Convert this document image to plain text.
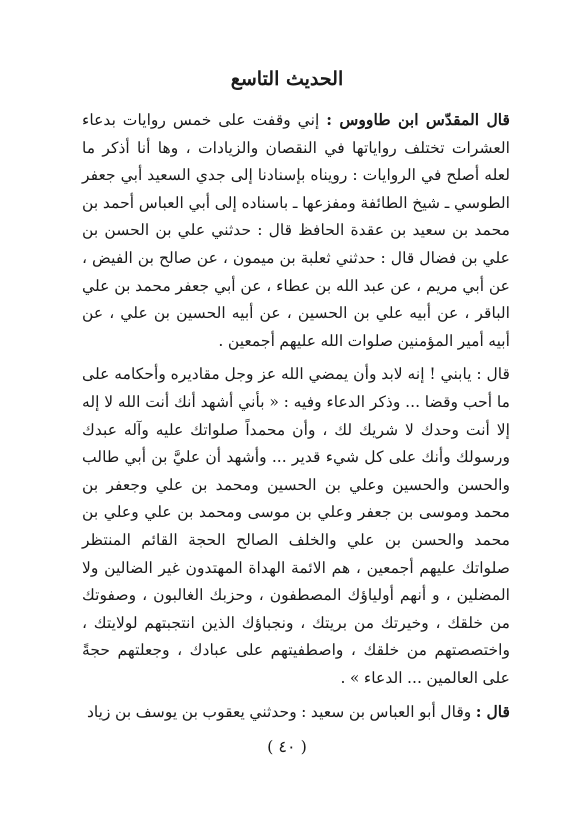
الحديث التاسع

قال المقدّس ابن طاووس : إني وقفت على خمس روايات بدعاء العشرات تختلف رواياتها في النقصان والزيادات ، وها أنا أذكر ما لعله أصلح في الروايات : رويناه بإسنادنا إلى جدي السعيد أبي جعفر الطوسي ـ شيخ الطائفة ومفزعها ـ باسناده إلى أبي العباس أحمد بن محمد بن سعيد بن عقدة الحافظ قال : حدثني علي بن الحسن بن علي بن فضال قال : حدثني ثعلبة بن ميمون ، عن صالح بن الفيض ، عن أبي مريم ، عن عبد الله بن عطاء ، عن أبي جعفر محمد بن علي الباقر ، عن أبيه علي بن الحسين ، عن أبيه الحسين بن علي ، عن أبيه أمير المؤمنين صلوات الله عليهم أجمعين .

قال : يابني ! إنه لابد وأن يمضي الله عز وجل مقاديره وأحكامه على ما أحب وقضا ... وذكر الدعاء وفيه : « بأني أشهد أنك أنت الله لا إله إلا أنت وحدك لا شريك لك ، وأن محمداً صلواتك عليه وآله عبدك ورسولك وأنك على كل شيء قدير ... وأشهد أن عليَّ بن أبي طالب والحسن والحسين وعلي بن الحسين ومحمد بن علي وجعفر بن محمد وموسى بن جعفر وعلي بن موسى ومحمد بن علي وعلي بن محمد والحسن بن علي والخلف الصالح الحجة القائم المنتظر صلواتك عليهم أجمعين ، هم الائمة الهداة المهتدون غير الضالين ولا المضلين ، و أنهم أولياؤك المصطفون ، وحزبك الغالبون ، وصفوتك من خلقك ، وخيرتك من بريتك ، ونجباؤك الذين انتجبتهم لولايتك ، واختصصتهم من خلقك ، واصطفيتهم على عبادك ، وجعلتهم حجةً على العالمين ... الدعاء » .

قال : وقال أبو العباس بن سعيد : وحدثني يعقوب بن يوسف بن زياد

( ٤٠ )
